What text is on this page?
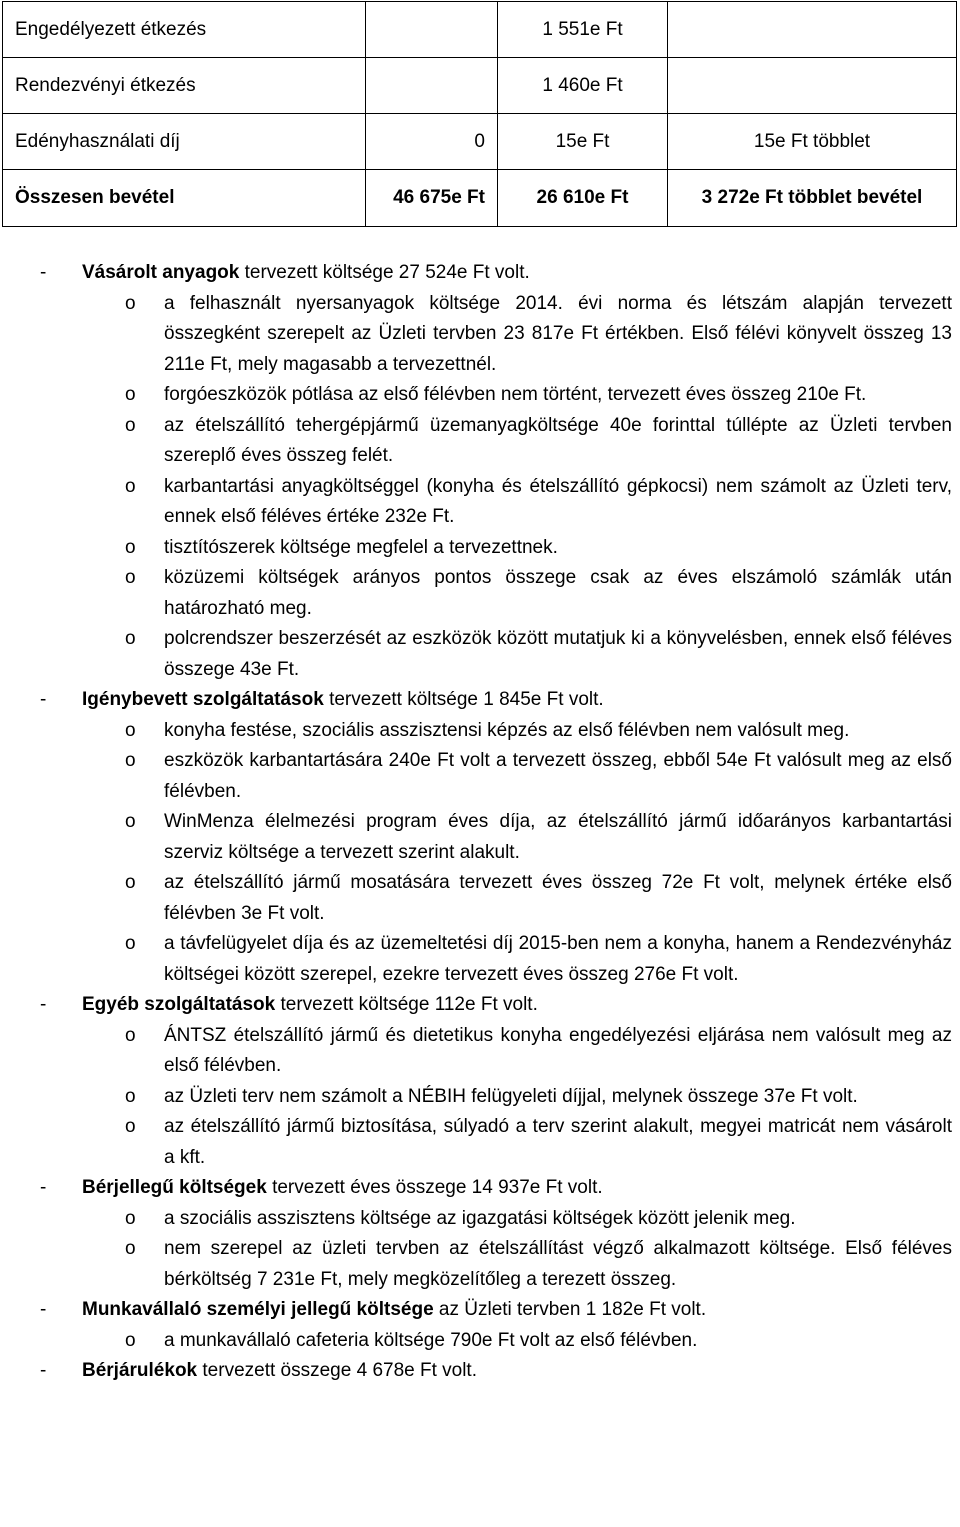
Engedélyezett étkezés		1 551e Ft	
Rendezvényi étkezés		1 460e Ft	
Edényhasználati díj	0	15e Ft	15e Ft többlet
Összesen bevétel	46 675e Ft	26 610e Ft	3 272e Ft többlet bevétel
- Vásárolt anyagok tervezett költsége 27 524e Ft volt.
o a felhasznált nyersanyagok költsége 2014. évi norma és létszám alapján tervezett összegként szerepelt az Üzleti tervben 23 817e Ft értékben. Első félévi könyvelt összeg 13 211e Ft, mely magasabb a tervezettnél.
o forgóeszközök pótlása az első félévben nem történt, tervezett éves összeg 210e Ft.
o az ételszállító tehergépjármű üzemanyagköltsége 40e forinttal túllépte az Üzleti tervben szereplő éves összeg felét.
o karbantartási anyagköltséggel (konyha és ételszállító gépkocsi) nem számolt az Üzleti terv, ennek első féléves értéke 232e Ft.
o tisztítószerek költsége megfelel a tervezettnek.
o közüzemi költségek arányos pontos összege csak az éves elszámoló számlák után határozható meg.
o polcrendszer beszerzését az eszközök között mutatjuk ki a könyvelésben, ennek első féléves összege 43e Ft.
- Igénybevett szolgáltatások tervezett költsége 1 845e Ft volt.
o konyha festése, szociális asszisztensi képzés az első félévben nem valósult meg.
o eszközök karbantartására 240e Ft volt a tervezett összeg, ebből 54e Ft valósult meg az első félévben.
o WinMenza élelmezési program éves díja, az ételszállító jármű időarányos karbantartási szerviz költsége a tervezett szerint alakult.
o az ételszállító jármű mosatására tervezett éves összeg 72e Ft volt, melynek értéke első félévben 3e Ft volt.
o a távfelügyelet díja és az üzemeltetési díj 2015-ben nem a konyha, hanem a Rendezvényház költségei között szerepel, ezekre tervezett éves összeg 276e Ft volt.
- Egyéb szolgáltatások tervezett költsége 112e Ft volt.
o ÁNTSZ ételszállító jármű és dietetikus konyha engedélyezési eljárása nem valósult meg az első félévben.
o az Üzleti terv nem számolt a NÉBIH felügyeleti díjjal, melynek összege 37e Ft volt.
o az ételszállító jármű biztosítása, súlyadó a terv szerint alakult, megyei matricát nem vásárolt a kft.
- Bérjellegű költségek tervezett éves összege 14 937e Ft volt.
o a szociális asszisztens költsége az igazgatási költségek között jelenik meg.
o nem szerepel az üzleti tervben az ételszállítást végző alkalmazott költsége. Első féléves bérköltség 7 231e Ft, mely megközelítőleg a terezett összeg.
- Munkavállaló személyi jellegű költsége az Üzleti tervben 1 182e Ft volt.
o a munkavállaló cafeteria költsége 790e Ft volt az első félévben.
- Bérjárulékok tervezett összege 4 678e Ft volt.
